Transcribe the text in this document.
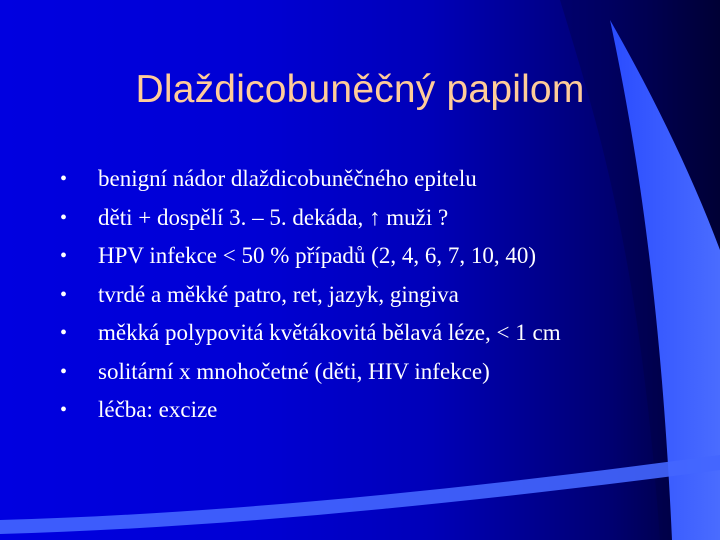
Dlaždicobuněčný papilom
•	benigní nádor dlaždicobuněčného epitelu
•	děti + dospělí 3. – 5. dekáda, ↑ muži ?
•	HPV infekce < 50 % případů (2, 4, 6, 7, 10, 40)
•	tvrdé a měkké patro, ret, jazyk, gingiva
•	měkká polypovitá květákovitá bělavá léze, < 1 cm
•	solitární x mnohočetné (děti, HIV infekce)
•	léčba: excize
